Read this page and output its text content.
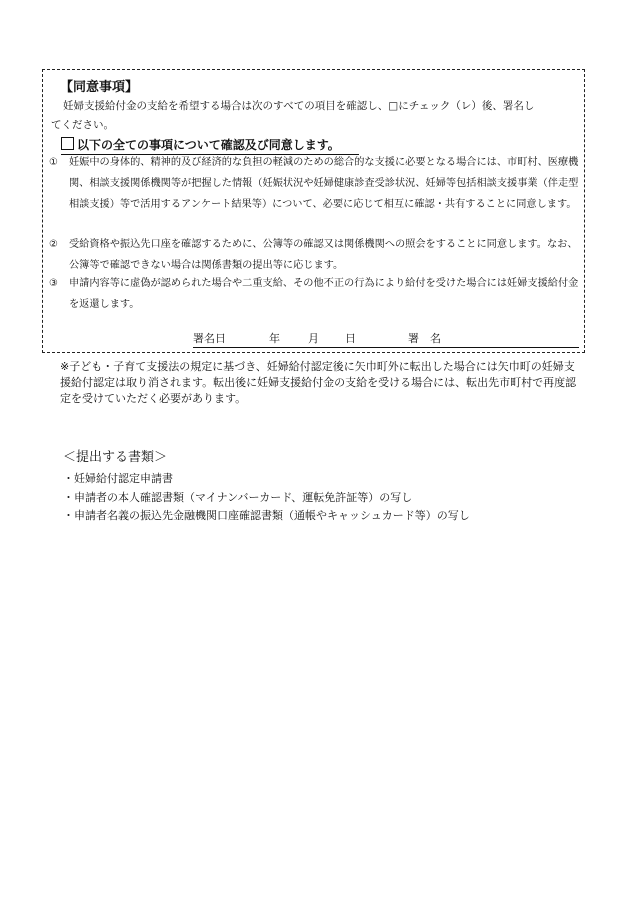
【同意事項】
妊婦支援給付金の支給を希望する場合は次のすべての項目を確認し、□にチェック（レ）後、署名し
てください。
以下の全ての事項について確認及び同意します。
① 妊娠中の身体的、精神的及び経済的な負担の軽減のための総合的な支援に必要となる場合には、市町村、医療機関、相談支援関係機関等が把握した情報（妊娠状況や妊婦健康診査受診状況、妊婦等包括相談支援事業（伴走型相談支援）等で活用するアンケート結果等）について、必要に応じて相互に確認・共有することに同意します。
② 受給資格や振込先口座を確認するために、公簿等の確認又は関係機関への照会をすることに同意します。なお、公簿等で確認できない場合は関係書類の提出等に応じます。
③ 申請内容等に虚偽が認められた場合や二重支給、その他不正の行為により給付を受けた場合には妊婦支援給付金を返還します。
署名日	年	月 日	署　名
※子ども・子育て支援法の規定に基づき、妊婦給付認定後に矢巾町外に転出した場合には矢巾町の妊婦支援給付認定は取り消されます。転出後に妊婦支援給付金の支給を受ける場合には、転出先市町村で再度認定を受けていただく必要があります。
＜提出する書類＞
・妊婦給付認定申請書
・申請者の本人確認書類（マイナンバーカード、運転免許証等）の写し
・申請者名義の振込先金融機関口座確認書類（通帳やキャッシュカード等）の写し
